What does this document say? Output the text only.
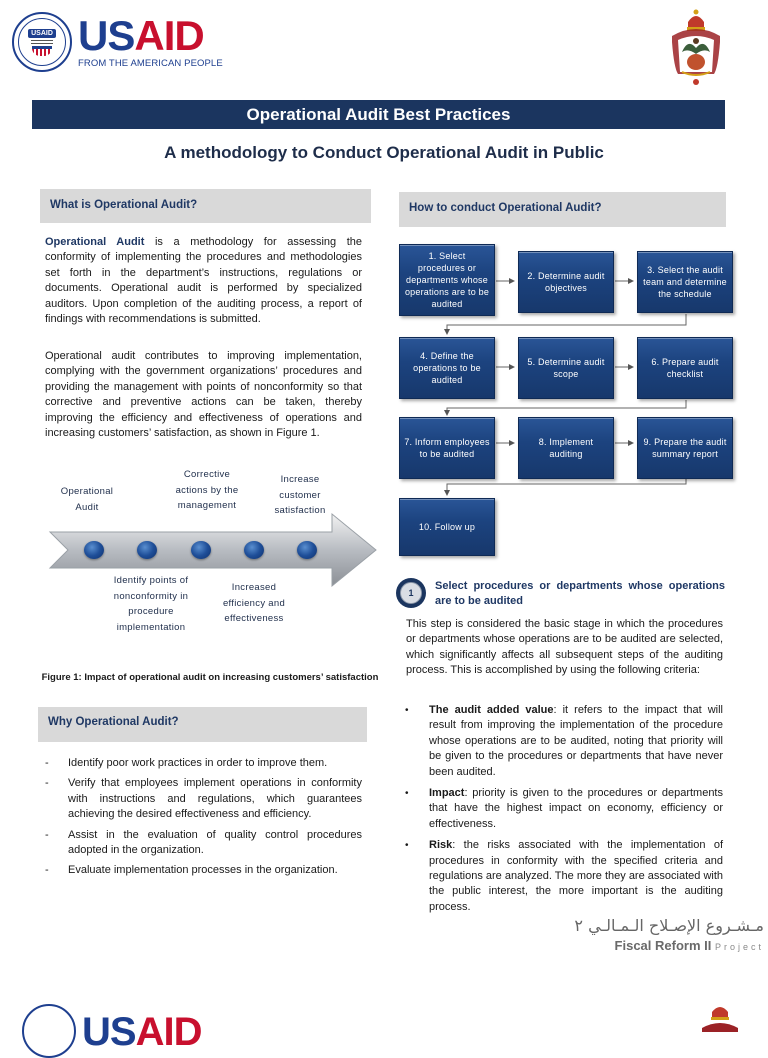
USAID USAID
FROM THE AMERICAN PEOPLE
Operational Audit Best Practices
A methodology to Conduct Operational Audit in Public
What is Operational Audit?
Operational Audit is a methodology for assessing the conformity of implementing the procedures and methodologies set forth in the department’s instructions, regulations or documents. Operational audit is performed by specialized auditors. Upon completion of the auditing process, a report of findings with recommendations is submitted.
Operational audit contributes to improving implementation, complying with the government organizations’ procedures and providing the management with points of nonconformity so that corrective and preventive actions can be taken, thereby improving the efficiency and effectiveness of operations and increasing customers’ satisfaction, as shown in Figure 1.
Operational Audit
Corrective actions by the management
Increase customer satisfaction
Identify points of nonconformity in procedure implementation
Increased efficiency and effectiveness
Figure 1: Impact of operational audit on increasing customers’ satisfaction
Why Operational Audit?
-	Identify poor work practices in order to improve them.
-	Verify that employees implement operations in conformity with instructions and regulations, which guarantees achieving the desired effectiveness and efficiency.
-	Assist in the evaluation of quality control procedures adopted in the organization.
-	Evaluate implementation processes in the organization.
How to conduct Operational Audit?
1. Select procedures or departments whose operations are to be audited
2. Determine audit objectives
3. Select the audit team and determine the schedule
4. Define the operations to be audited
5. Determine audit scope
6. Prepare audit checklist
7. Inform employees to be audited
8. Implement auditing
9. Prepare the audit summary report
10. Follow up
1
Select procedures or departments whose operations are to be audited
This step is considered the basic stage in which the procedures or departments whose operations are to be audited are selected, which significantly affects all subsequent steps of the auditing process. This is accomplished by using the following criteria:
•	The audit added value: it refers to the impact that will result from improving the implementation of the procedure whose operations are to be audited, noting that priority will be given to the procedures or departments that have never been audited.
•	Impact: priority is given to the procedures or departments that have the highest impact on economy, efficiency or effectiveness.
•	Risk: the risks associated with the implementation of procedures in conformity with the specified criteria and regulations are analyzed. The more they are associated with the public interest, the more important is the auditing process.
مـشـروع الإصـلاح الـمـالـي ٢
Fiscal Reform II Project
USAID
